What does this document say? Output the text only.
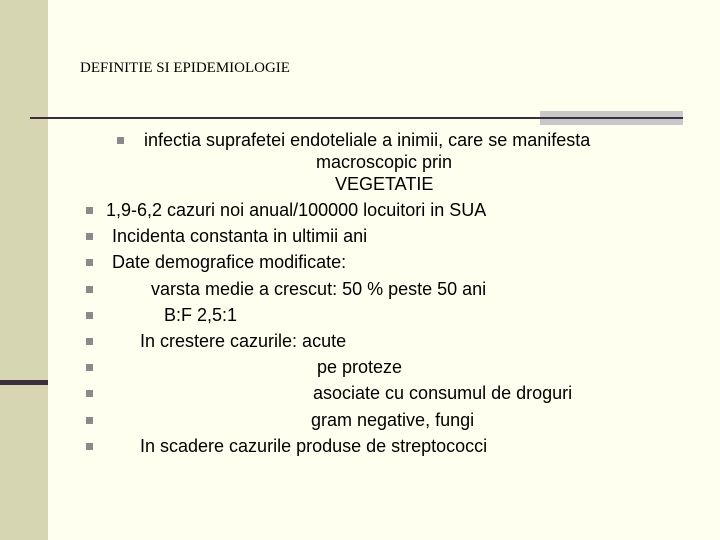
DEFINITIE SI EPIDEMIOLOGIE
infectia suprafetei endoteliale a inimii, care se manifesta
macroscopic prin
VEGETATIE
1,9-6,2 cazuri noi anual/100000 locuitori in SUA
Incidenta constanta in ultimii ani
Date demografice modificate:
varsta medie a crescut: 50 % peste 50 ani
B:F 2,5:1
In crestere cazurile: acute
pe proteze
asociate cu consumul de droguri
gram negative, fungi
In scadere cazurile produse de streptococci
